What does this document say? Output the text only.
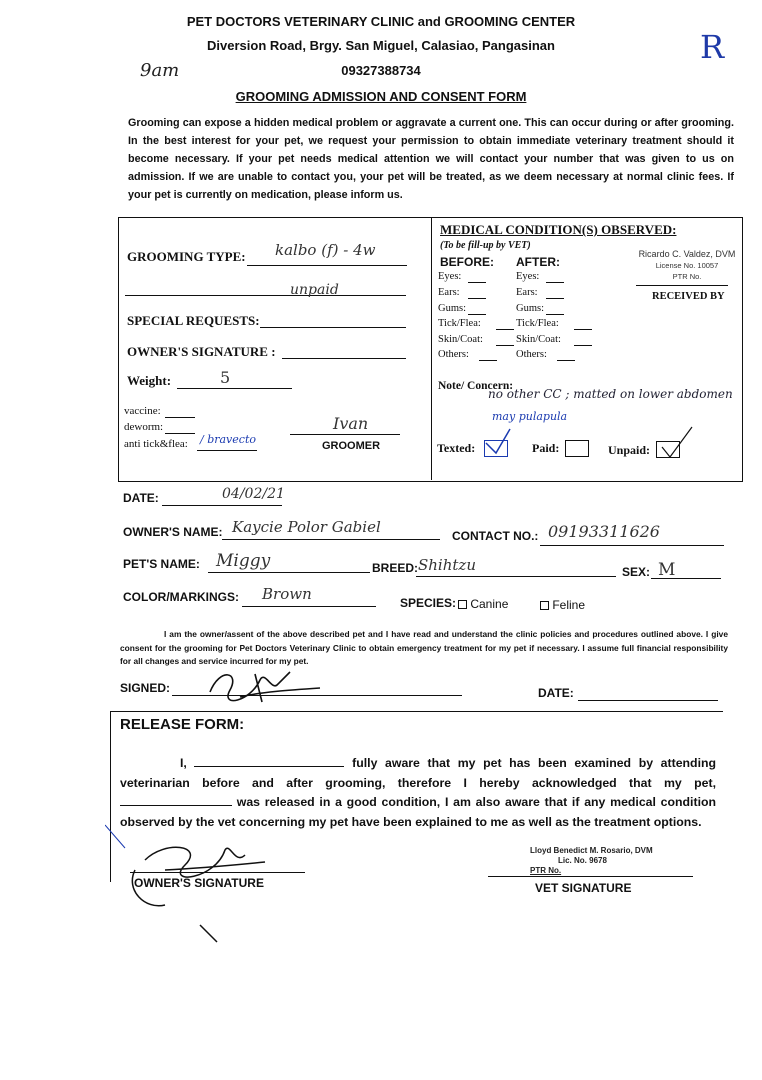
PET DOCTORS VETERINARY CLINIC and GROOMING CENTER
Diversion Road, Brgy. San Miguel, Calasiao, Pangasinan
09327388734
GROOMING ADMISSION AND CONSENT FORM
9am
R

Grooming can expose a hidden medical problem or aggravate a current one. This can occur during or after grooming. In the best interest for your pet, we request your permission to obtain immediate veterinary treatment should it become necessary. If your pet needs medical attention we will contact your number that was given to us on admission. If we are unable to contact you, your pet will be treated, as we deem necessary at normal clinic fees. If your pet is currently on medication, please inform us.

GROOMING TYPE: kalbo (f) - 4w
unpaid
SPECIAL REQUESTS:
OWNER'S SIGNATURE :
Weight:	5
vaccine:
deworm:
anti tick&flea: / bravecto
Ivan
GROOMER
MEDICAL CONDITION(S) OBSERVED:
(To be fill-up by VET)
BEFORE: AFTER:
Ricardo C. Valdez, DVM
License No. 10057
PTR No.
RECEIVED BY
Eyes:	Eyes:
Ears:	Ears:
Gums:	Gums:
Tick/Flea:	Tick/Flea:
Skin/Coat:	Skin/Coat:
Others:	Others:
Note/ Concern:
no other CC ; matted on lower abdomen
may pulapula
Texted:	Paid:	Unpaid:
DATE:	04/02/21
OWNER'S NAME: Kaycie Polor Gabiel	CONTACT NO.: 09193311626
PET'S NAME: Miggy	BREED: Shihtzu	SEX: M
COLOR/MARKINGS: Brown	SPECIES:	Canine	Feline

I am the owner/assent of the above described pet and I have read and understand the clinic policies and procedures outlined above. I give consent for the grooming for Pet Doctors Veterinary Clinic to obtain emergency treatment for my pet if necessary. I assume full financial responsibility for all changes and service incurred for my pet.

SIGNED:	DATE:
RELEASE FORM:

I,	fully aware that my pet has been examined by attending veterinarian before and after grooming, therefore I hereby acknowledged that my pet,  was released in a good condition, I am also aware that if any medical condition observed by the vet concerning my pet have been explained to me as well as the treatment options.

OWNER'S SIGNATURE
Lloyd Benedict M. Rosario, DVM
Lic. No. 9678
PTR No.
VET SIGNATURE
